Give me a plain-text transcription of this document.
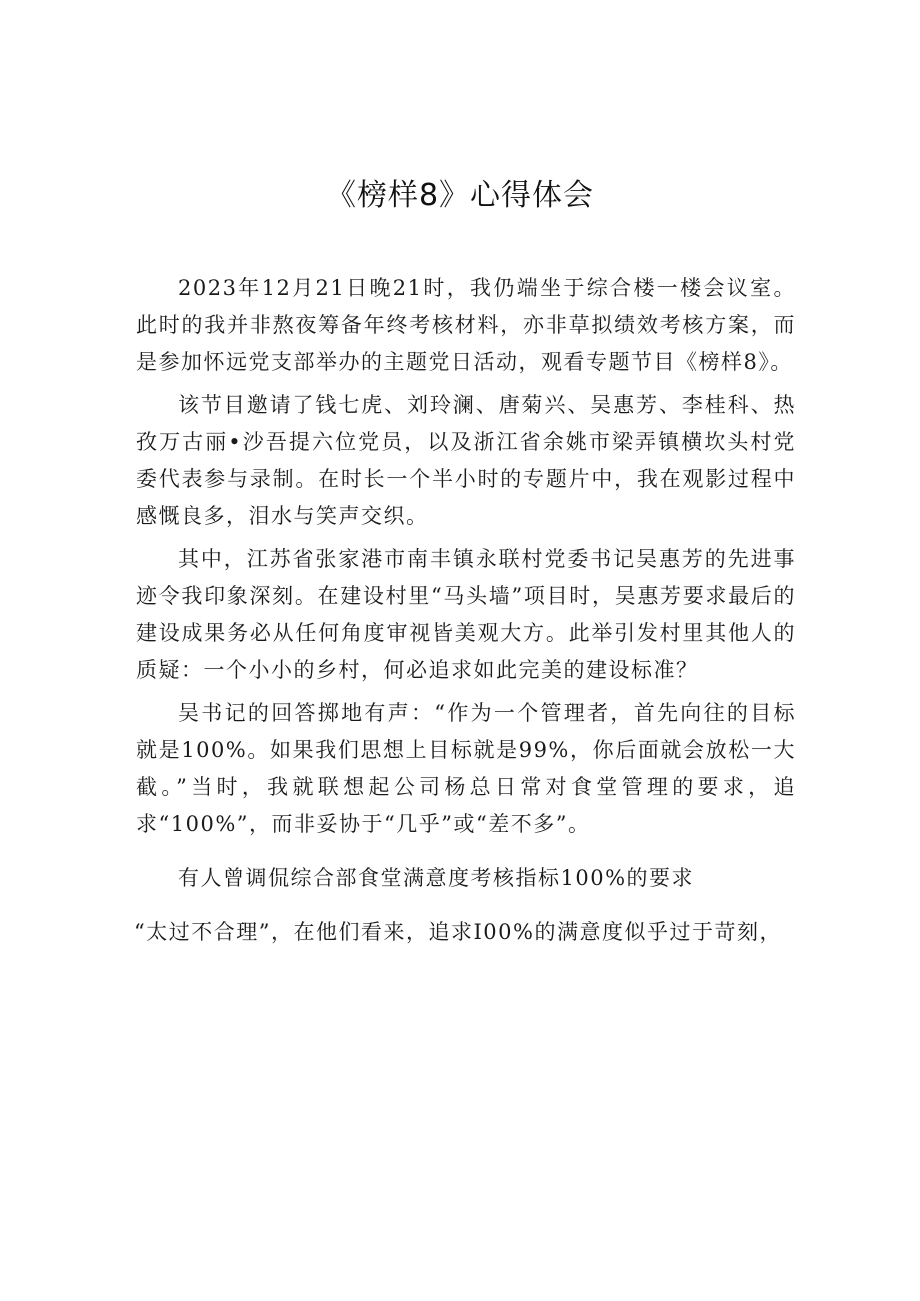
《榜样8》心得体会

2023年12月21日晚21时，我仍端坐于综合楼一楼会议室。此时的我并非熬夜筹备年终考核材料，亦非草拟绩效考核方案，而是参加怀远党支部举办的主题党日活动，观看专题节目《榜样8》。

该节目邀请了钱七虎、刘玲澜、唐菊兴、吴惠芳、李桂科、热孜万古丽•沙吾提六位党员，以及浙江省余姚市梁弄镇横坎头村党委代表参与录制。在时长一个半小时的专题片中，我在观影过程中感慨良多，泪水与笑声交织。

其中，江苏省张家港市南丰镇永联村党委书记吴惠芳的先进事迹令我印象深刻。在建设村里“马头墙”项目时，吴惠芳要求最后的建设成果务必从任何角度审视皆美观大方。此举引发村里其他人的质疑：一个小小的乡村，何必追求如此完美的建设标准？

吴书记的回答掷地有声：“作为一个管理者，首先向往的目标就是100%。如果我们思想上目标就是99%，你后面就会放松一大截。”当时，我就联想起公司杨总日常对食堂管理的要求，追求“100%”，而非妥协于“几乎”或“差不多”。

有人曾调侃综合部食堂满意度考核指标100%的要求

“太过不合理”，在他们看来，追求I00%的满意度似乎过于苛刻，
